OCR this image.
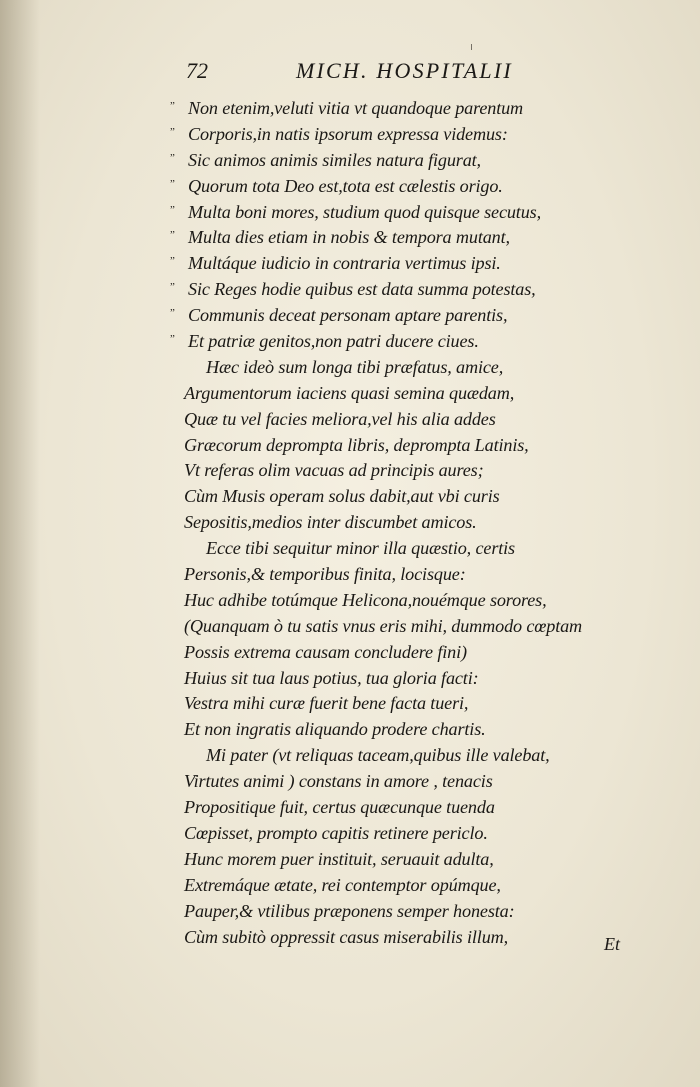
72	MICH. HOSPITALII
” Non etenim,veluti vitia vt quandoque parentum
” Corporis,in natis ipsorum expressa videmus:
” Sic animos animis similes natura figurat,
” Quorum tota Deo est,tota est cælestis origo.
” Multa boni mores, studium quod quisque secutus,
” Multa dies etiam in nobis & tempora mutant,
” Multáque iudicio in contraria vertimus ipsi.
” Sic Reges hodie quibus est data summa potestas,
” Communis deceat personam aptare parentis,
” Et patriæ genitos,non patri ducere ciues.
Hæc ideò sum longa tibi præfatus, amice,
Argumentorum iaciens quasi semina quædam,
Quæ tu vel facies meliora,vel his alia addes
Græcorum deprompta libris, deprompta Latinis,
Vt referas olim vacuas ad principis aures;
Cùm Musis operam solus dabit,aut vbi curis
Sepositis,medios inter discumbet amicos.
Ecce tibi sequitur minor illa quæstio, certis
Personis,& temporibus finita, locisque:
Huc adhibe totúmque Helicona,nouémque sorores,
(Quanquam ò tu satis vnus eris mihi, dummodo cœptam
Possis extrema causam concludere fini)
Huius sit tua laus potius, tua gloria facti:
Vestra mihi curæ fuerit bene facta tueri,
Et non ingratis aliquando prodere chartis.
Mi pater (vt reliquas taceam,quibus ille valebat,
Virtutes animi ) constans in amore , tenacis
Propositique fuit, certus quæcunque tuenda
Cœpisset, prompto capitis retinere periclo.
Hunc morem puer instituit, seruauit adulta,
Extremáque ætate, rei contemptor opúmque,
Pauper,& vtilibus præponens semper honesta:
Cùm subitò oppressit casus miserabilis illum,	Et
